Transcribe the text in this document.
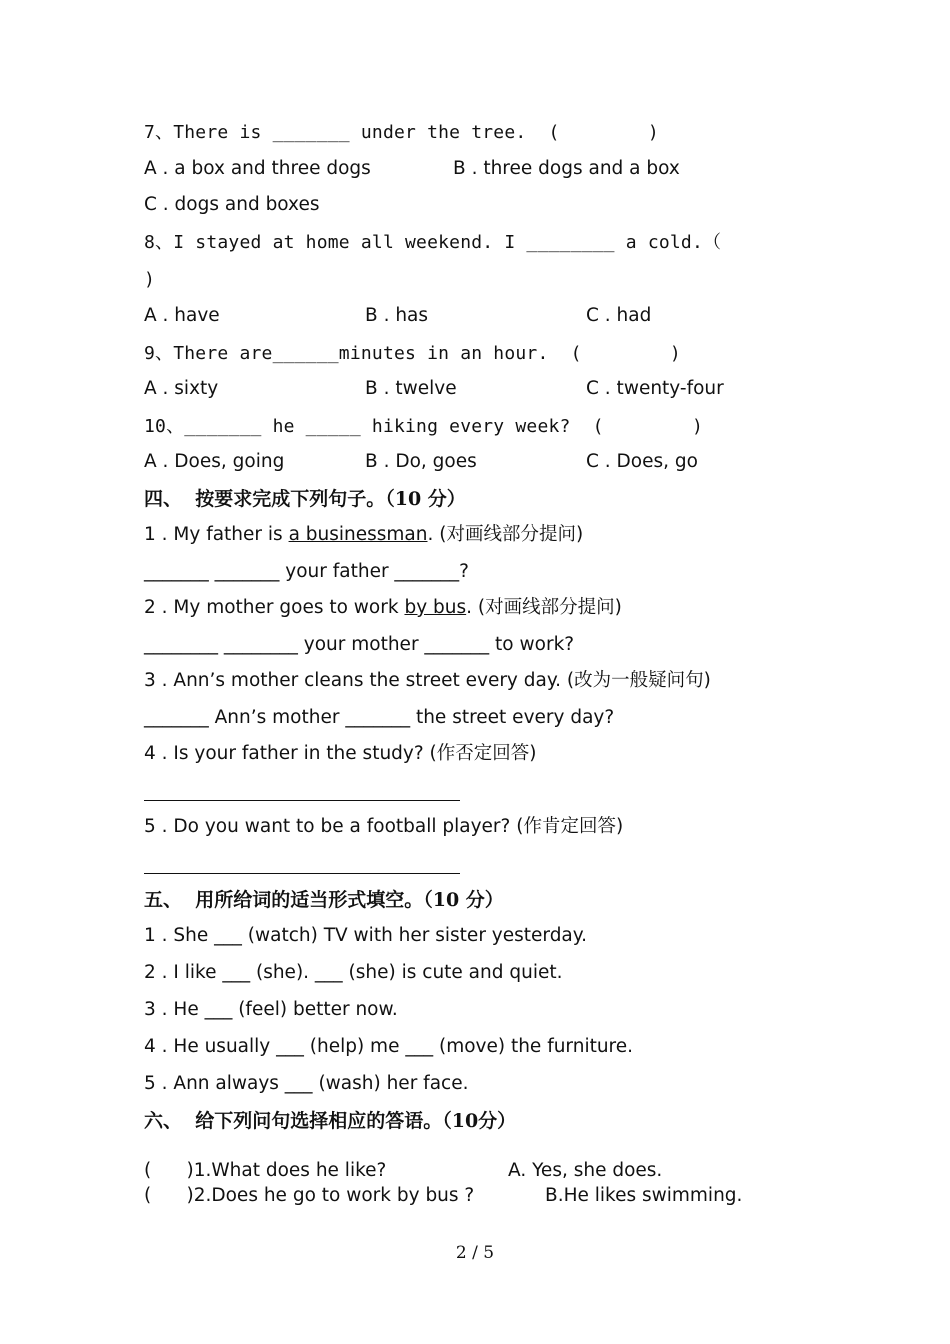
7、There is _______ under the tree.  (        )
A . a box and three dogs	B . three dogs and a box
C . dogs and boxes
8、I stayed at home all weekend. I ________ a cold.（
)
A . have	B . has	C . had
9、There are______minutes in an hour.  (        )
A . sixty	B . twelve	C . twenty-four
10、_______ he _____ hiking every week?  (        )
A . Does, going	B . Do, goes	C . Does, go
四、  按要求完成下列句子。（10 分）
1 . My father is a businessman. (对画线部分提问)
_______ _______ your father _______?
2 . My mother goes to work by bus. (对画线部分提问)
________ ________ your mother _______ to work?
3 . Ann’s mother cleans the street every day. (改为一般疑问句)
_______ Ann’s mother _______ the street every day?
4 . Is your father in the study? (作否定回答)
5 . Do you want to be a football player? (作肯定回答)
五、  用所给词的适当形式填空。（10 分）
1 . She ___ (watch) TV with her sister yesterday.
2 . I like ___ (she). ___ (she) is cute and quiet.
3 . He ___ (feel) better now.
4 . He usually ___ (help) me ___ (move) the furniture.
5 . Ann always ___ (wash) her face.
六、  给下列问句选择相应的答语。（10分）
(      )1.What does he like?	A. Yes, she does.
(      )2.Does he go to work by bus ?	B.He likes swimming.
2 / 5
